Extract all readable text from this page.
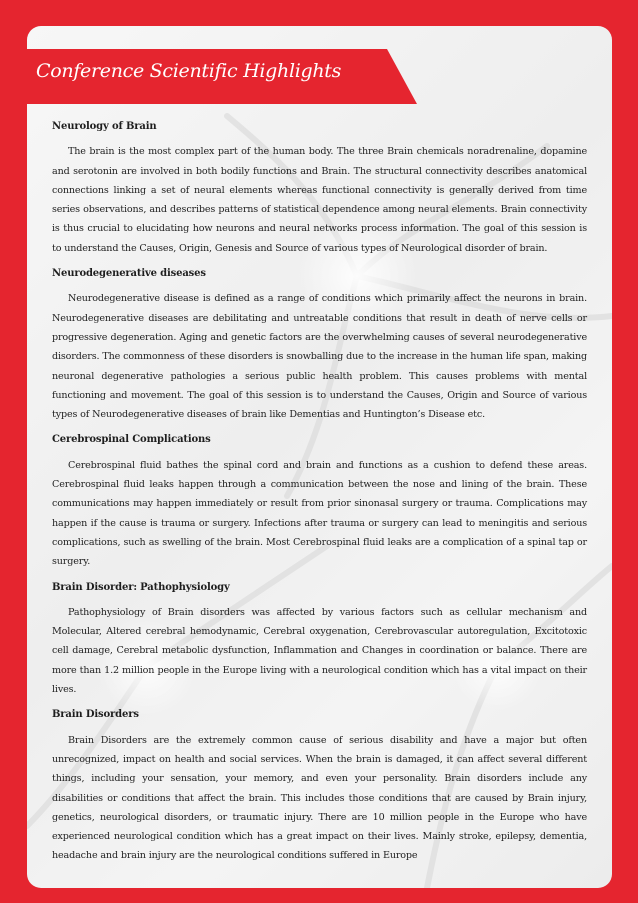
Conference Scientific Highlights
Neurology of Brain
The brain is the most complex part of the human body. The three Brain chemicals noradrenaline, dopamine and serotonin are involved in both bodily functions and Brain. The structural connectivity describes anatomical connections linking a set of neural elements whereas functional connectivity is generally derived from time series observations, and describes patterns of statistical dependence among neural elements. Brain connectivity is thus crucial to elucidating how neurons and neural networks process information. The goal of this session is to understand the Causes, Origin, Genesis and Source of various types of Neurological disorder of brain.
Neurodegenerative diseases
Neurodegenerative disease is defined as a range of conditions which primarily affect the neurons in brain. Neurodegenerative diseases are debilitating and untreatable conditions that result in death of nerve cells or progressive degeneration. Aging and genetic factors are the overwhelming causes of several neurodegenerative disorders. The commonness of these disorders is snowballing due to the increase in the human life span, making neuronal degenerative pathologies a serious public health problem. This causes problems with mental functioning and movement. The goal of this session is to understand the Causes, Origin and Source of various types of Neurodegenerative diseases of brain like Dementias and Huntington’s Disease etc.
Cerebrospinal Complications
Cerebrospinal fluid bathes the spinal cord and brain and functions as a cushion to defend these areas. Cerebrospinal fluid leaks happen through a communication between the nose and lining of the brain. These communications may happen immediately or result from prior sinonasal surgery or trauma. Complications may happen if the cause is trauma or surgery. Infections after trauma or surgery can lead to meningitis and serious complications, such as swelling of the brain. Most Cerebrospinal fluid leaks are a complication of a spinal tap or surgery.
Brain Disorder: Pathophysiology
Pathophysiology of Brain disorders was affected by various factors such as cellular mechanism and Molecular, Altered cerebral hemodynamic, Cerebral oxygenation, Cerebrovascular autoregulation, Excitotoxic cell damage, Cerebral metabolic dysfunction, Inflammation and Changes in coordination or balance. There are more than 1.2 million people in the Europe living with a neurological condition which has a vital impact on their lives.
Brain Disorders
Brain Disorders are the extremely common cause of serious disability and have a major but often unrecognized, impact on health and social services. When the brain is damaged, it can affect several different things, including your sensation, your memory, and even your personality. Brain disorders include any disabilities or conditions that affect the brain. This includes those conditions that are caused by Brain injury, genetics, neurological disorders, or traumatic injury. There are 10 million people in the Europe who have experienced neurological condition which has a great impact on their lives. Mainly stroke, epilepsy, dementia, headache and brain injury are the neurological conditions suffered in Europe
